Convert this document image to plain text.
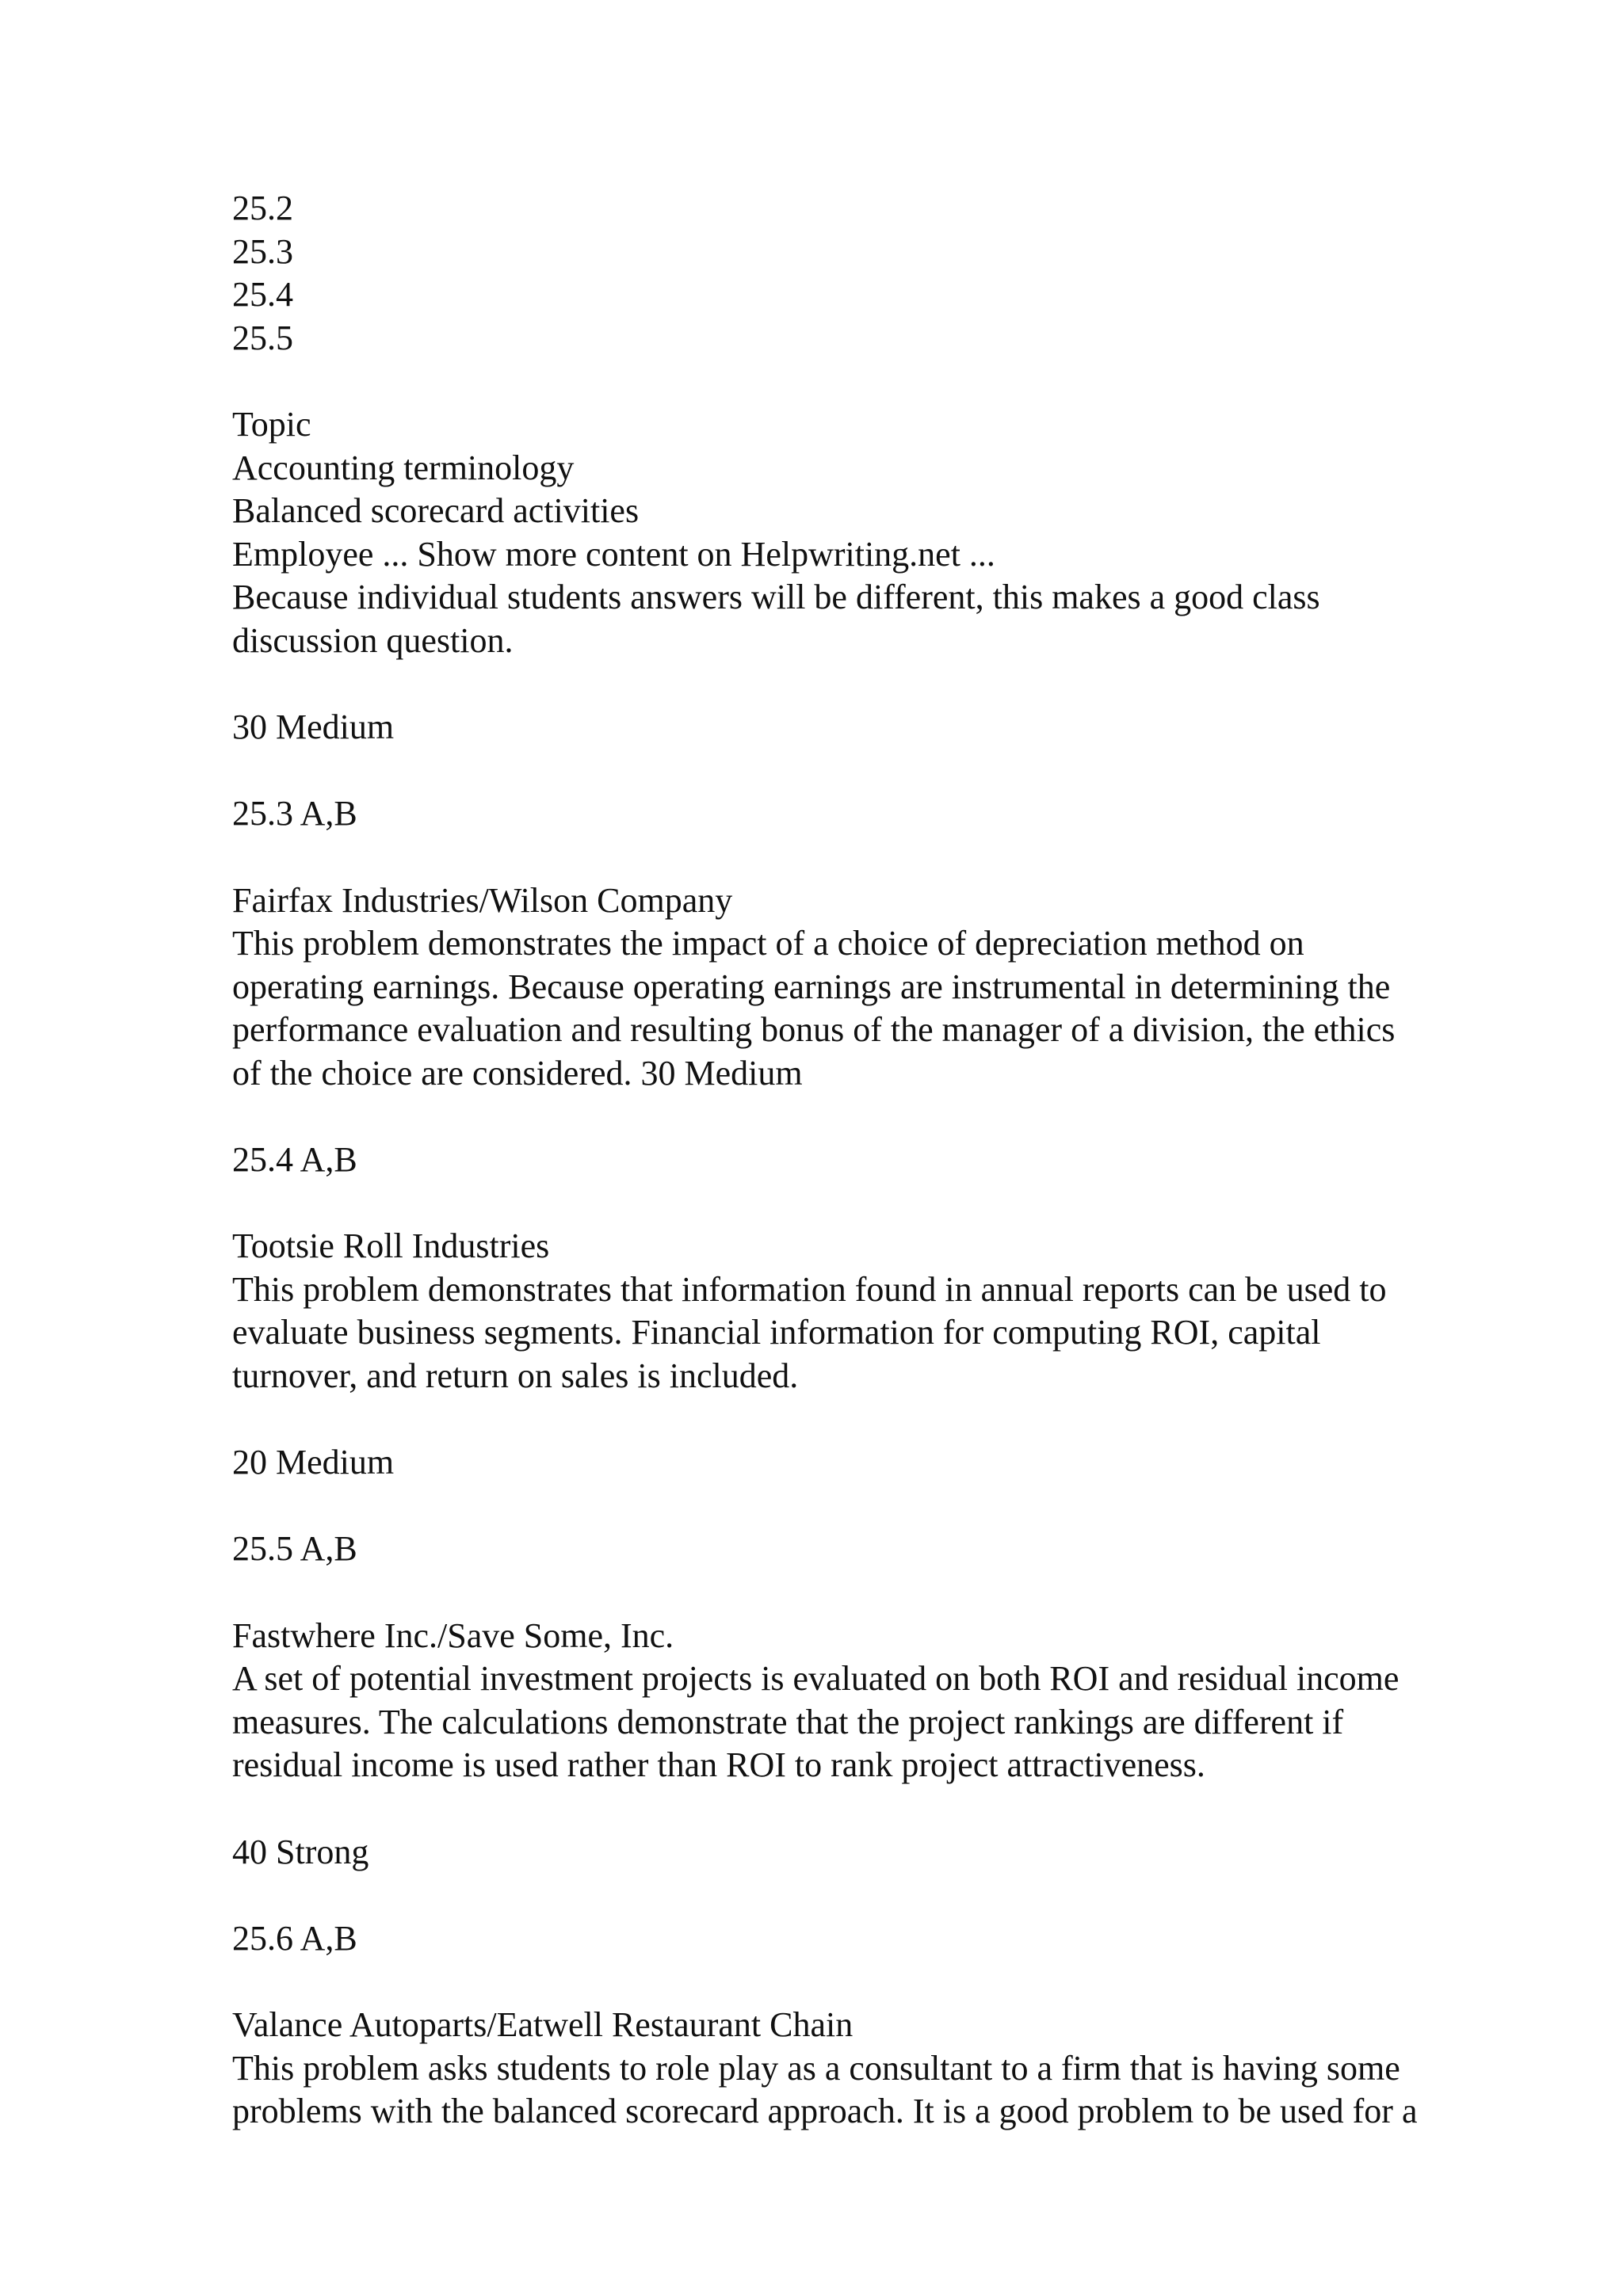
25.2
25.3
25.4
25.5
Topic
Accounting terminology
Balanced scorecard activities
Employee ... Show more content on Helpwriting.net ...
Because individual students answers will be different, this makes a good class
discussion question.
30 Medium
25.3 A,B
Fairfax Industries/Wilson Company
This problem demonstrates the impact of a choice of depreciation method on
operating earnings. Because operating earnings are instrumental in determining the
performance evaluation and resulting bonus of the manager of a division, the ethics
of the choice are considered. 30 Medium
25.4 A,B
Tootsie Roll Industries
This problem demonstrates that information found in annual reports can be used to
evaluate business segments. Financial information for computing ROI, capital
turnover, and return on sales is included.
20 Medium
25.5 A,B
Fastwhere Inc./Save Some, Inc.
A set of potential investment projects is evaluated on both ROI and residual income
measures. The calculations demonstrate that the project rankings are different if
residual income is used rather than ROI to rank project attractiveness.
40 Strong
25.6 A,B
Valance Autoparts/Eatwell Restaurant Chain
This problem asks students to role play as a consultant to a firm that is having some
problems with the balanced scorecard approach. It is a good problem to be used for a
